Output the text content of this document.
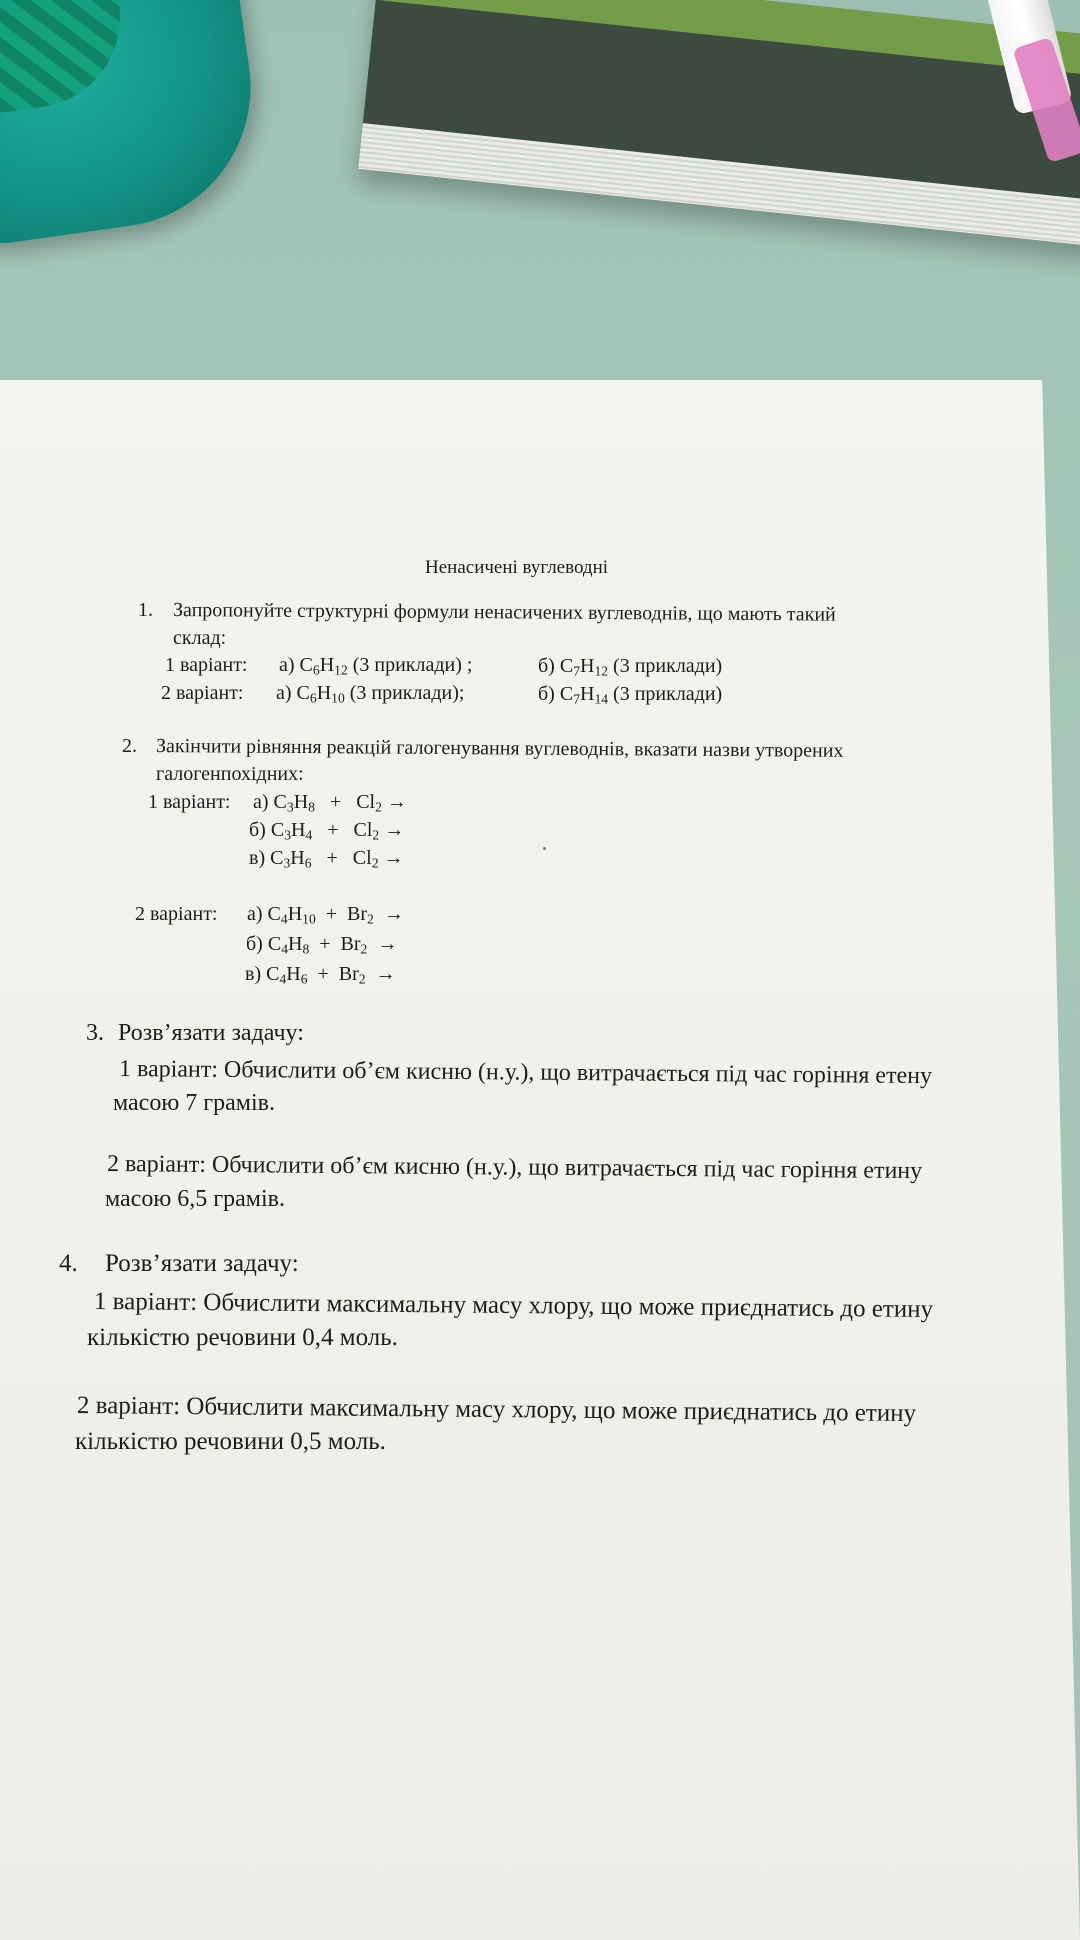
Ненасичені вуглеводні
1. Запропонуйте структурні формули ненасичених вуглеводнів, що мають такий
склад:
1 варіант: а) $C_6H_{12}$ (3 приклади) ;	б) $C_7H_{12}$ (3 приклади)
2 варіант: а) $C_6H_{10}$ (3 приклади);	б) $C_7H_{14}$ (3 приклади)
2. Закінчити рівняння реакцій галогенування вуглеводнів, вказати назви утворених
галогенпохідних:
1 варіант: а) $C_3H_8 + Cl_2$ →
б) $C_3H_4 + Cl_2$ →
в) $C_3H_6 + Cl_2$ →
2 варіант: а) $C_4H_{10} + Br_2$  →
б) $C_4H_8 + Br_2$  →
в) $C_4H_6 + Br_2$  →
3. Розв’язати задачу:
1 варіант: Обчислити об’єм кисню (н.у.), що витрачається під час горіння етену
масою 7 грамів.
2 варіант: Обчислити об’єм кисню (н.у.), що витрачається під час горіння етину
масою 6,5 грамів.
4. Розв’язати задачу:
1 варіант: Обчислити максимальну масу хлору, що може приєднатись до етину
кількістю речовини 0,4 моль.
2 варіант: Обчислити максимальну масу хлору, що може приєднатись до етину
кількістю речовини 0,5 моль.
